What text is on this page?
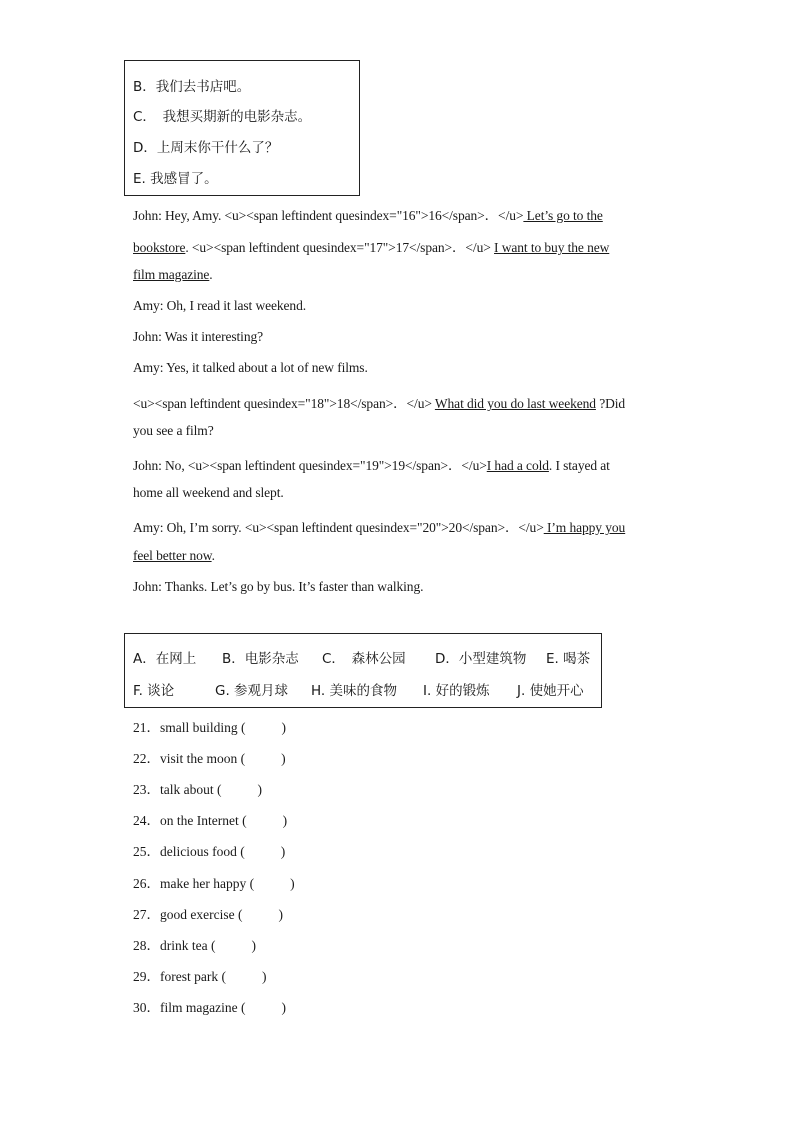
B．我们去书店吧。
C．　我想买期新的电影杂志。
D．上周末你干什么了？
E. 我感冒了。
John: Hey, Amy. <u><span leftindent quesindex="16">16</span>．</u> Let’s go to the
bookstore. <u><span leftindent quesindex="17">17</span>．</u> I want to buy the new
film magazine.
Amy: Oh, I read it last weekend.
John: Was it interesting?
Amy: Yes, it talked about a lot of new films.
<u><span leftindent quesindex="18">18</span>．</u> What did you do last weekend ?Did
you see a film?
John: No, <u><span leftindent quesindex="19">19</span>．</u>I had a cold. I stayed at
home all weekend and slept.
Amy: Oh, I’m sorry. <u><span leftindent quesindex="20">20</span>．</u> I’m happy you
feel better now.
John: Thanks. Let’s go by bus. It’s faster than walking.
A．在网上 B．电影杂志 C．　森林公园 D．小型建筑物 E. 喝茶
F. 谈论	G. 参观月球 H. 美味的食物 I. 好的锻炼 J. 使她开心
21．small building (	)
22．visit the moon (	)
23．talk about (	)
24．on the Internet (	)
25．delicious food (	)
26．make her happy (	)
27．good exercise (	)
28．drink tea (	)
29．forest park (	)
30．film magazine (	)
